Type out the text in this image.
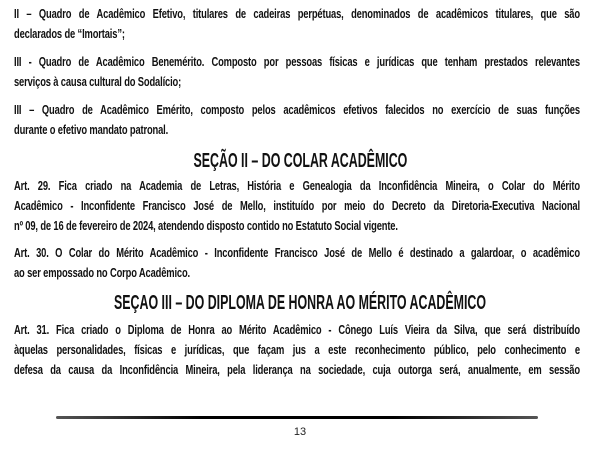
II – Quadro de Acadêmico Efetivo, titulares de cadeiras perpétuas, denominados de acadêmicos titulares, que são
declarados de “Imortais”;
III - Quadro de Acadêmico Benemérito. Composto por pessoas físicas e jurídicas que tenham prestados relevantes
serviços à causa cultural do Sodalício;
III – Quadro de Acadêmico Emérito, composto pelos acadêmicos efetivos falecidos no exercício de suas funções
durante o efetivo mandato patronal.
SEÇÃO II – DO COLAR ACADÊMICO
Art. 29. Fica criado na Academia de Letras, História e Genealogia da Inconfidência Mineira, o Colar do Mérito
Acadêmico - Inconfidente Francisco José de Mello, instituído por meio do Decreto da Diretoria-Executiva Nacional
nº 09, de 16 de fevereiro de 2024, atendendo disposto contido no Estatuto Social vigente.
Art. 30. O Colar do Mérito Acadêmico - Inconfidente Francisco José de Mello é destinado a galardoar, o acadêmico
ao ser empossado no Corpo Acadêmico.
SEÇAO III – DO DIPLOMA DE HONRA AO MÉRITO ACADÊMICO
Art. 31. Fica criado o Diploma de Honra ao Mérito Acadêmico - Cônego Luís Vieira da Silva, que será distribuído
àquelas personalidades, físicas e jurídicas, que façam jus a este reconhecimento público, pelo conhecimento e
defesa da causa da Inconfidência Mineira, pela liderança na sociedade, cuja outorga será, anualmente, em sessão
13
